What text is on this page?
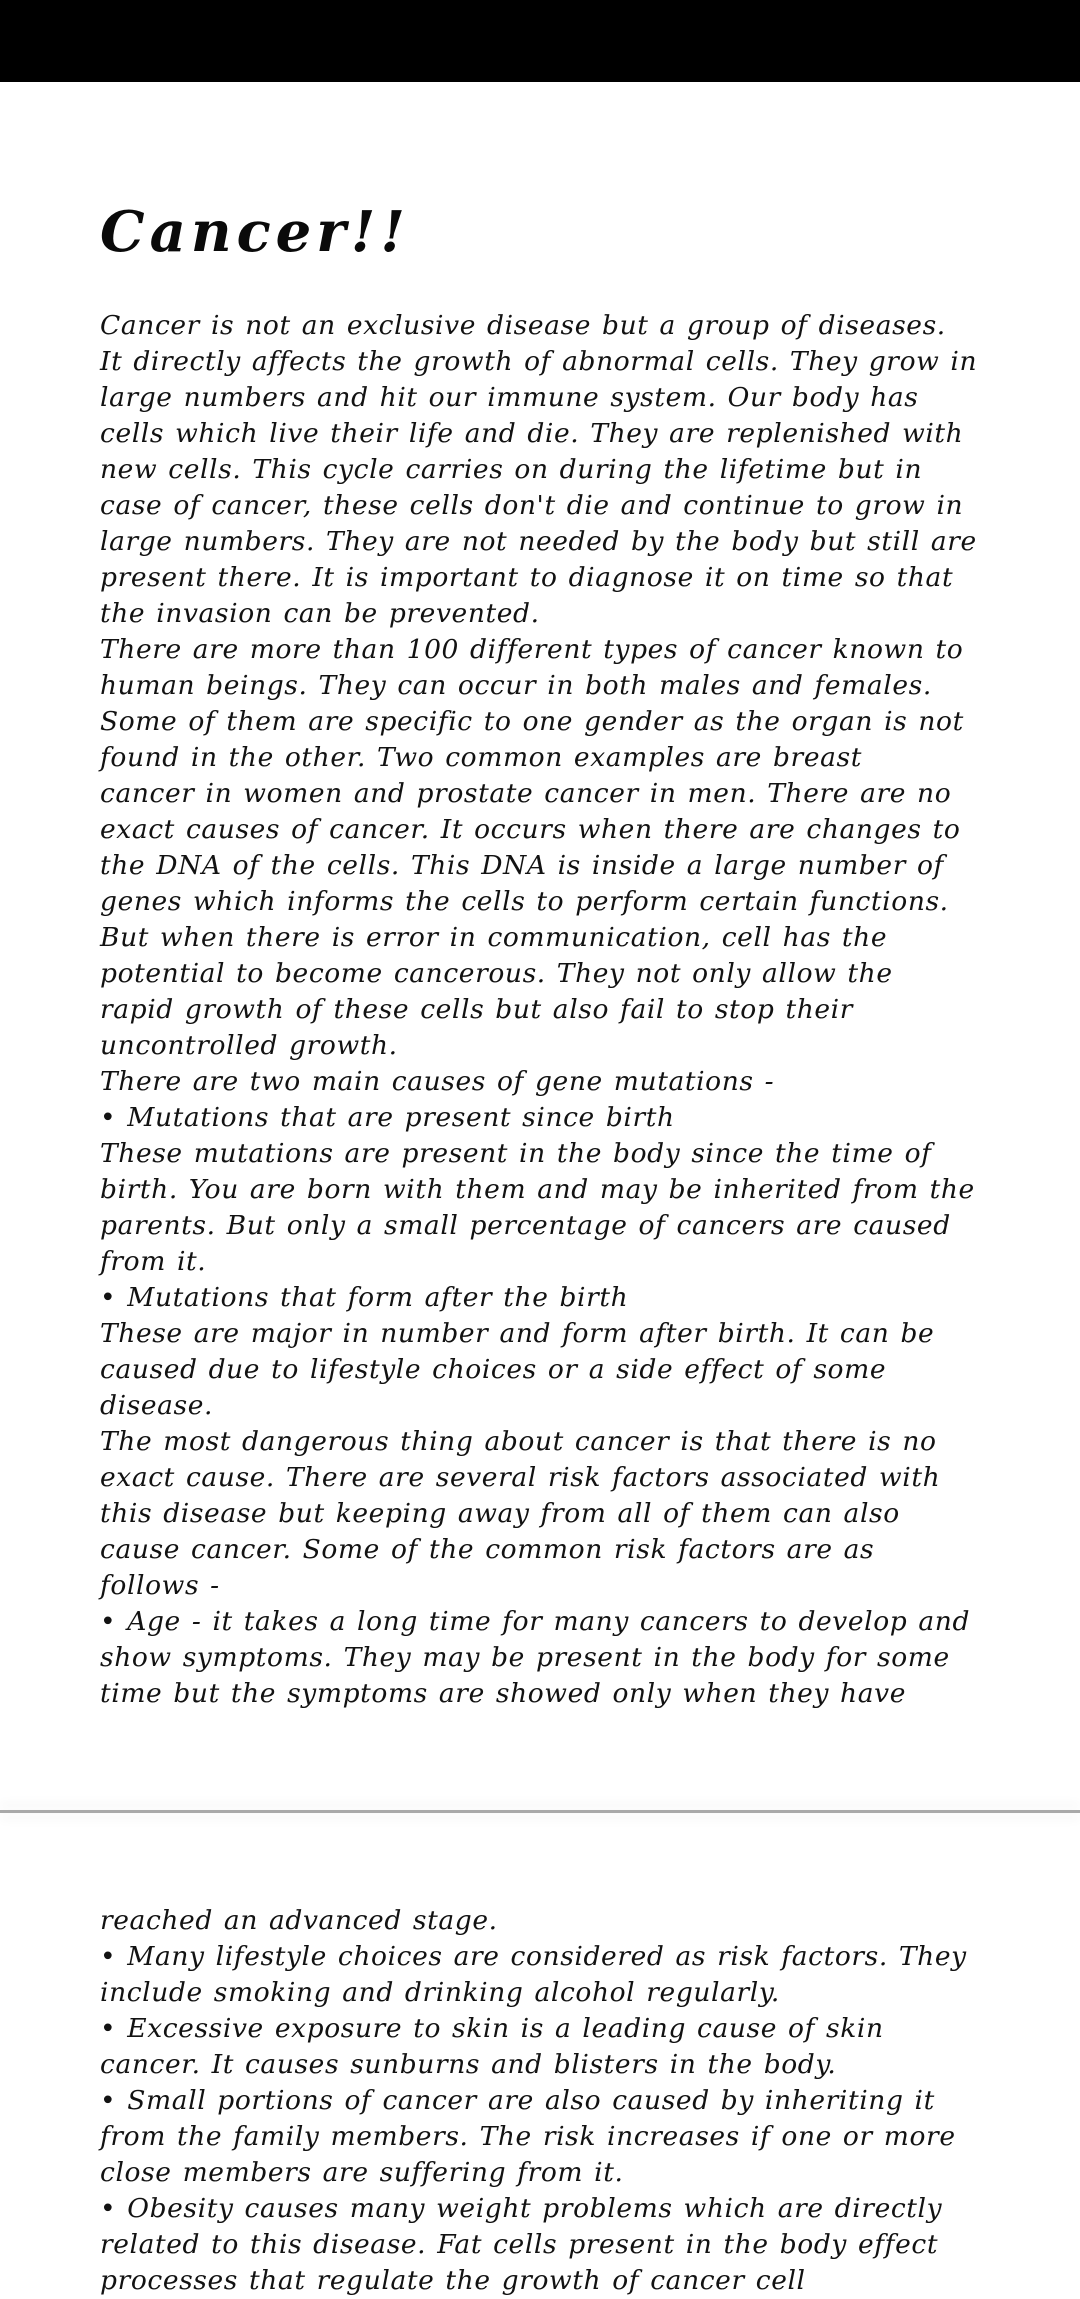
Cancer!!
Cancer is not an exclusive disease but a group of diseases.
It directly affects the growth of abnormal cells. They grow in
large numbers and hit our immune system. Our body has
cells which live their life and die. They are replenished with
new cells. This cycle carries on during the lifetime but in
case of cancer, these cells don't die and continue to grow in
large numbers. They are not needed by the body but still are
present there. It is important to diagnose it on time so that
the invasion can be prevented.
There are more than 100 different types of cancer known to
human beings. They can occur in both males and females.
Some of them are specific to one gender as the organ is not
found in the other. Two common examples are breast
cancer in women and prostate cancer in men. There are no
exact causes of cancer. It occurs when there are changes to
the DNA of the cells. This DNA is inside a large number of
genes which informs the cells to perform certain functions.
But when there is error in communication, cell has the
potential to become cancerous. They not only allow the
rapid growth of these cells but also fail to stop their
uncontrolled growth.
There are two main causes of gene mutations -
• Mutations that are present since birth
These mutations are present in the body since the time of
birth. You are born with them and may be inherited from the
parents. But only a small percentage of cancers are caused
from it.
• Mutations that form after the birth
These are major in number and form after birth. It can be
caused due to lifestyle choices or a side effect of some
disease.
The most dangerous thing about cancer is that there is no
exact cause. There are several risk factors associated with
this disease but keeping away from all of them can also
cause cancer. Some of the common risk factors are as
follows -
• Age - it takes a long time for many cancers to develop and
show symptoms. They may be present in the body for some
time but the symptoms are showed only when they have
reached an advanced stage.
• Many lifestyle choices are considered as risk factors. They
include smoking and drinking alcohol regularly.
• Excessive exposure to skin is a leading cause of skin
cancer. It causes sunburns and blisters in the body.
• Small portions of cancer are also caused by inheriting it
from the family members. The risk increases if one or more
close members are suffering from it.
• Obesity causes many weight problems which are directly
related to this disease. Fat cells present in the body effect
processes that regulate the growth of cancer cell
